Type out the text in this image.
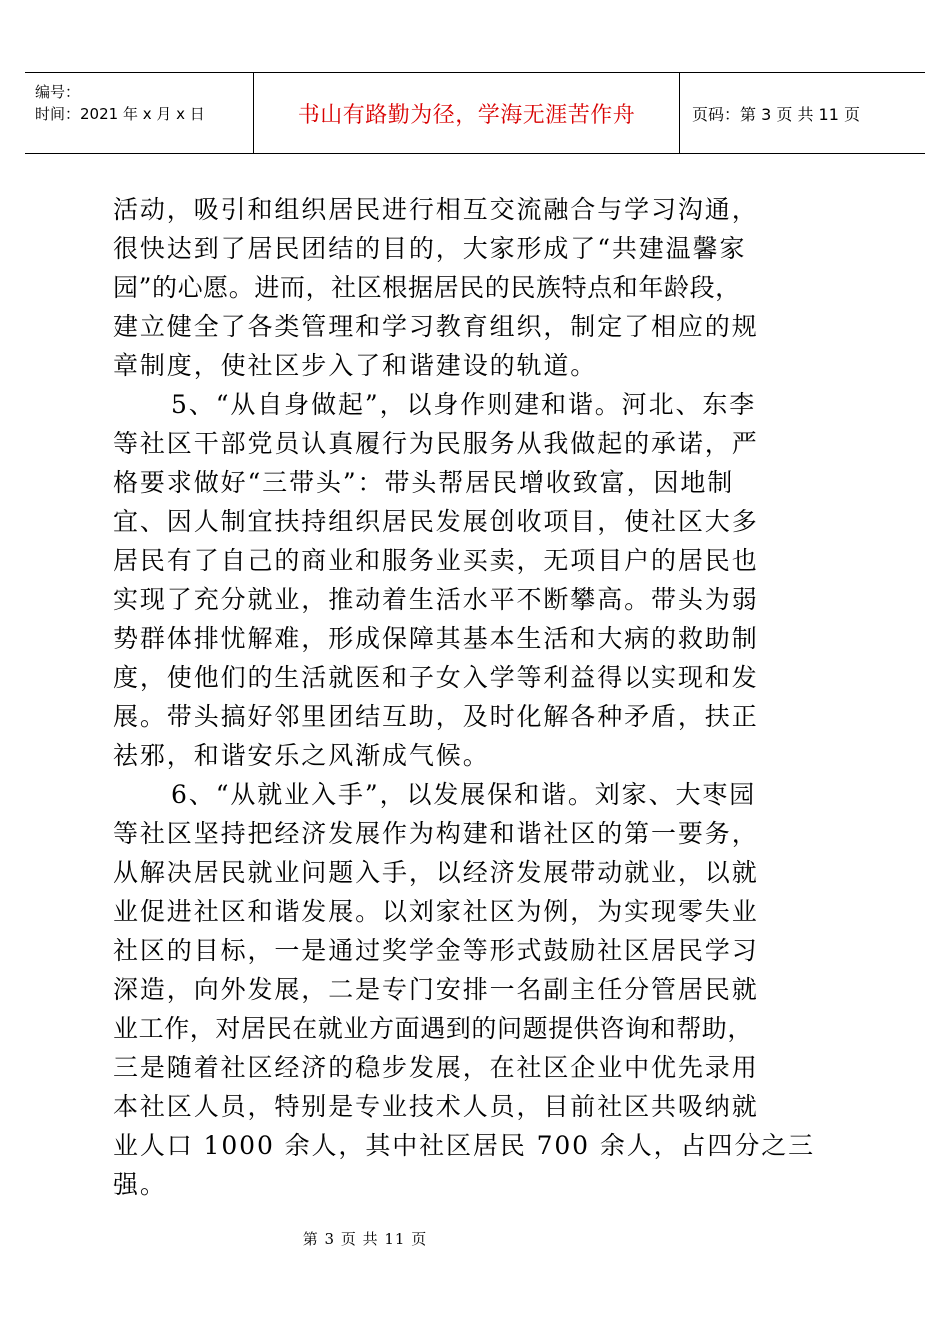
编号：
时间：2021 年 x 月 x 日	书山有路勤为径，学海无涯苦作舟	页码：第 3 页 共 11 页
活动，吸引和组织居民进行相互交流融合与学习沟通，
很快达到了居民团结的目的，大家形成了“共建温馨家
园”的心愿。进而，社区根据居民的民族特点和年龄段，
建立健全了各类管理和学习教育组织，制定了相应的规
章制度，使社区步入了和谐建设的轨道。
5、“从自身做起”，以身作则建和谐。河北、东李
等社区干部党员认真履行为民服务从我做起的承诺，严
格要求做好“三带头”：带头帮居民增收致富，因地制
宜、因人制宜扶持组织居民发展创收项目，使社区大多
居民有了自己的商业和服务业买卖，无项目户的居民也
实现了充分就业，推动着生活水平不断攀高。带头为弱
势群体排忧解难，形成保障其基本生活和大病的救助制
度，使他们的生活就医和子女入学等利益得以实现和发
展。带头搞好邻里团结互助，及时化解各种矛盾，扶正
祛邪，和谐安乐之风渐成气候。
6、“从就业入手”，以发展保和谐。刘家、大枣园
等社区坚持把经济发展作为构建和谐社区的第一要务，
从解决居民就业问题入手，以经济发展带动就业，以就
业促进社区和谐发展。以刘家社区为例，为实现零失业
社区的目标，一是通过奖学金等形式鼓励社区居民学习
深造，向外发展，二是专门安排一名副主任分管居民就
业工作，对居民在就业方面遇到的问题提供咨询和帮助，
三是随着社区经济的稳步发展，在社区企业中优先录用
本社区人员，特别是专业技术人员，目前社区共吸纳就
业人口 1000 余人，其中社区居民 700 余人，占四分之三
强。
第 3 页 共 11 页
